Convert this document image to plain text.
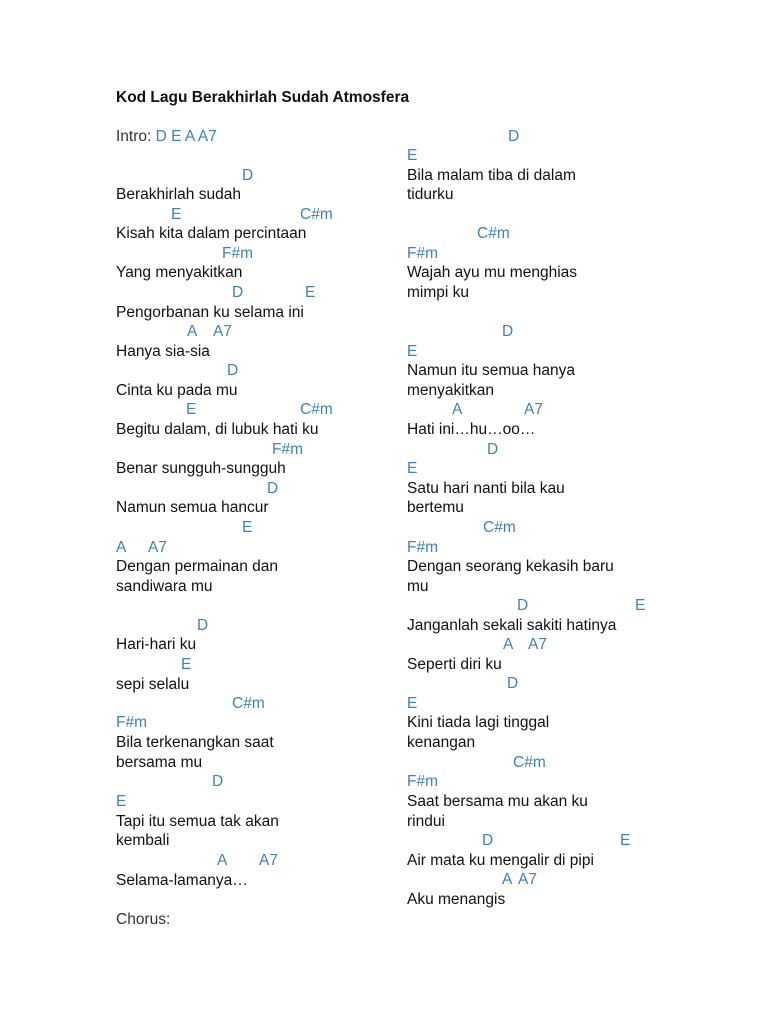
Kod Lagu Berakhirlah Sudah Atmosfera
Intro: D E A A7
Chorus:
D
Berakhirlah sudah
E	C#m
Kisah kita dalam percintaan
F#m
Yang menyakitkan
D	E
Pengorbanan ku selama ini
A A7
Hanya sia-sia
D
Cinta ku pada mu
E	C#m
Begitu dalam, di lubuk hati ku
F#m
Benar sungguh-sungguh
D
Namun semua hancur
E
A A7
Dengan permainan dan
sandiwara mu
D
Hari-hari ku
E
sepi selalu
C#m
F#m
Bila terkenangkan saat
bersama mu
D
E
Tapi itu semua tak akan
kembali
A A7
Selama-lamanya…
D
E
Bila malam tiba di dalam
tidurku
C#m
F#m
Wajah ayu mu menghias
mimpi ku
D
E
Namun itu semua hanya
menyakitkan
A	A7
Hati ini…hu…oo…
D
E
Satu hari nanti bila kau
bertemu
C#m
F#m
Dengan seorang kekasih baru
mu
D	E
Janganlah sekali sakiti hatinya
A A7
Seperti diri ku
D
E
Kini tiada lagi tinggal
kenangan
C#m
F#m
Saat bersama mu akan ku
rindui
D	E
Air mata ku mengalir di pipi
A A7
Aku menangis
